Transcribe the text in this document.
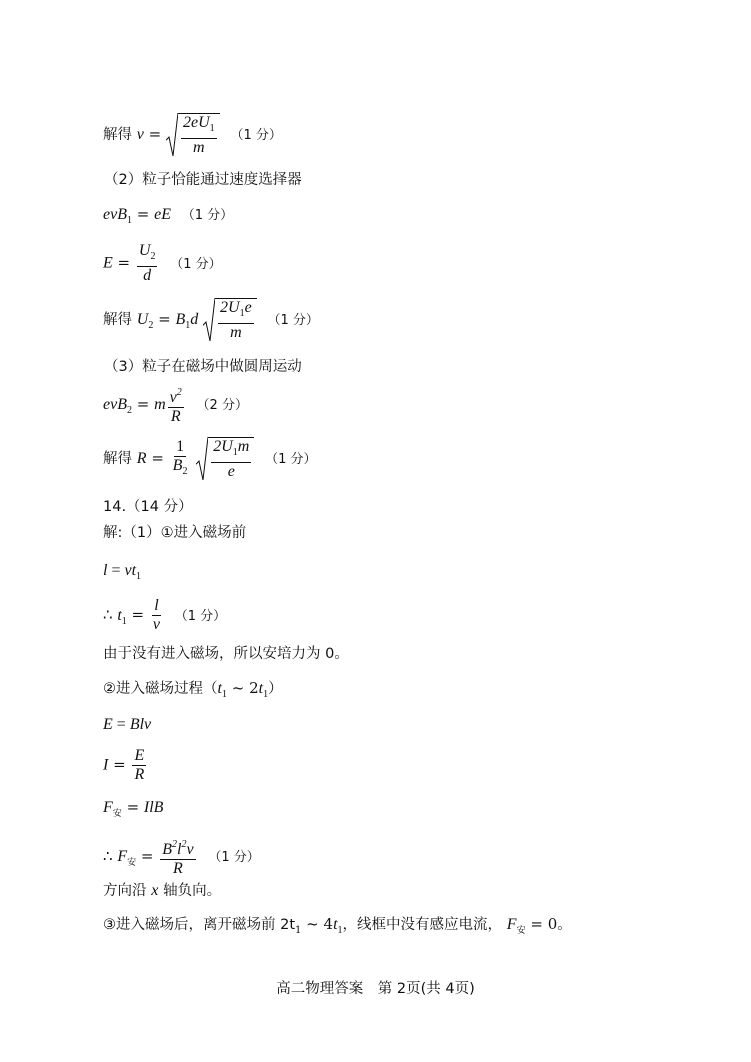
解得 $v = \frac{2eU_1}{m} (1$ 分）
（2）粒子恰能通过速度选择器
evB$_1$ = eE （1 分）
$E = \frac{U_2}{d} (1$ 分）
解得 $U_2 = B_1d \frac{2U_1e}{m} (1$ 分）
（3）粒子在磁场中做圆周运动
evB$_2$ = m $\frac{v^2}{R} (2$ 分）
解得 $R = \frac{1}{B_2}$
$\frac{2U_1m}{e} (1$ 分）
14.（14 分）
解:（1）①进入磁场前
$l = vt_1$
∴ $t_1 = \frac{l}{v} (1$ 分）
由于没有进入磁场，所以安培力为 0。
②进入磁场过程（$t_1$ ~ $2t_1$）
E = Blv
$I = \frac{E}{R}$
$F_安$ = IlB
∴ $F_安 = \frac{B^2l^2v}{R} (1$ 分）
方向沿 x 轴负向。
③进入磁场后，离开磁场前 $2t_1$ ~ $4t_1$，线框中没有感应电流， $F_安 = 0$。
高二物理答案　第 2页(共 4页)
